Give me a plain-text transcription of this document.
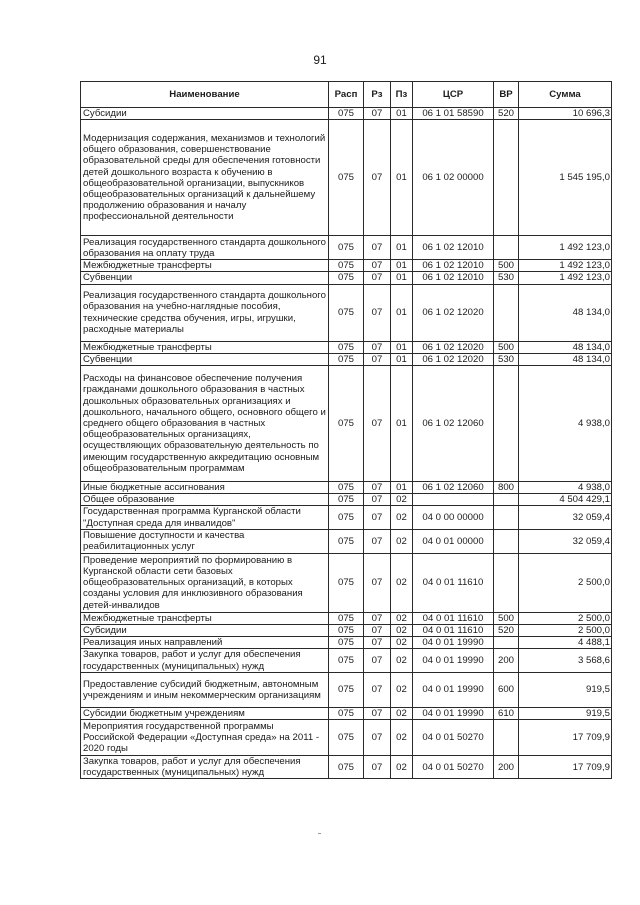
91
Наименование	Расп	Рз	Пз	ЦСР	ВР	Сумма
Субсидии	075	07	01	06 1 01 58590	520	10 696,3
Модернизация содержания, механизмов и технологий общего образования, совершенствование образовательной среды для обеспечения готовности детей дошкольного возраста к обучению в общеобразовательной организации, выпускников общеобразовательных организаций к дальнейшему продолжению образования и началу профессиональной деятельности	075	07	01	06 1 02 00000		1 545 195,0
Реализация государственного стандарта дошкольного образования на оплату труда	075	07	01	06 1 02 12010		1 492 123,0
Межбюджетные трансферты	075	07	01	06 1 02 12010	500	1 492 123,0
Субвенции	075	07	01	06 1 02 12010	530	1 492 123,0
Реализация государственного стандарта дошкольного образования на учебно-наглядные пособия, технические средства обучения, игры, игрушки, расходные материалы	075	07	01	06 1 02 12020		48 134,0
Межбюджетные трансферты	075	07	01	06 1 02 12020	500	48 134,0
Субвенции	075	07	01	06 1 02 12020	530	48 134,0
Расходы на финансовое обеспечение получения гражданами дошкольного образования в частных дошкольных образовательных организациях и дошкольного, начального общего, основного общего и среднего общего образования в частных общеобразовательных организациях, осуществляющих образовательную деятельность по имеющим государственную аккредитацию основным общеобразовательным программам	075	07	01	06 1 02 12060		4 938,0
Иные бюджетные ассигнования	075	07	01	06 1 02 12060	800	4 938,0
Общее образование	075	07	02			4 504 429,1
Государственная программа Курганской области "Доступная среда для инвалидов"	075	07	02	04 0 00 00000		32 059,4
Повышение доступности и качества реабилитационных услуг	075	07	02	04 0 01 00000		32 059,4
Проведение мероприятий по формированию в Курганской области сети базовых общеобразовательных организаций, в которых созданы условия для инклюзивного образования детей-инвалидов	075	07	02	04 0 01 11610		2 500,0
Межбюджетные трансферты	075	07	02	04 0 01 11610	500	2 500,0
Субсидии	075	07	02	04 0 01 11610	520	2 500,0
Реализация иных направлений	075	07	02	04 0 01 19990		4 488,1
Закупка товаров, работ и услуг для обеспечения государственных (муниципальных) нужд	075	07	02	04 0 01 19990	200	3 568,6
Предоставление субсидий бюджетным, автономным учреждениям и иным некоммерческим организациям	075	07	02	04 0 01 19990	600	919,5
Субсидии бюджетным учреждениям	075	07	02	04 0 01 19990	610	919,5
Мероприятия государственной программы Российской Федерации «Доступная среда» на 2011 - 2020 годы	075	07	02	04 0 01 50270		17 709,9
Закупка товаров, работ и услуг для обеспечения государственных (муниципальных) нужд	075	07	02	04 0 01 50270	200	17 709,9
